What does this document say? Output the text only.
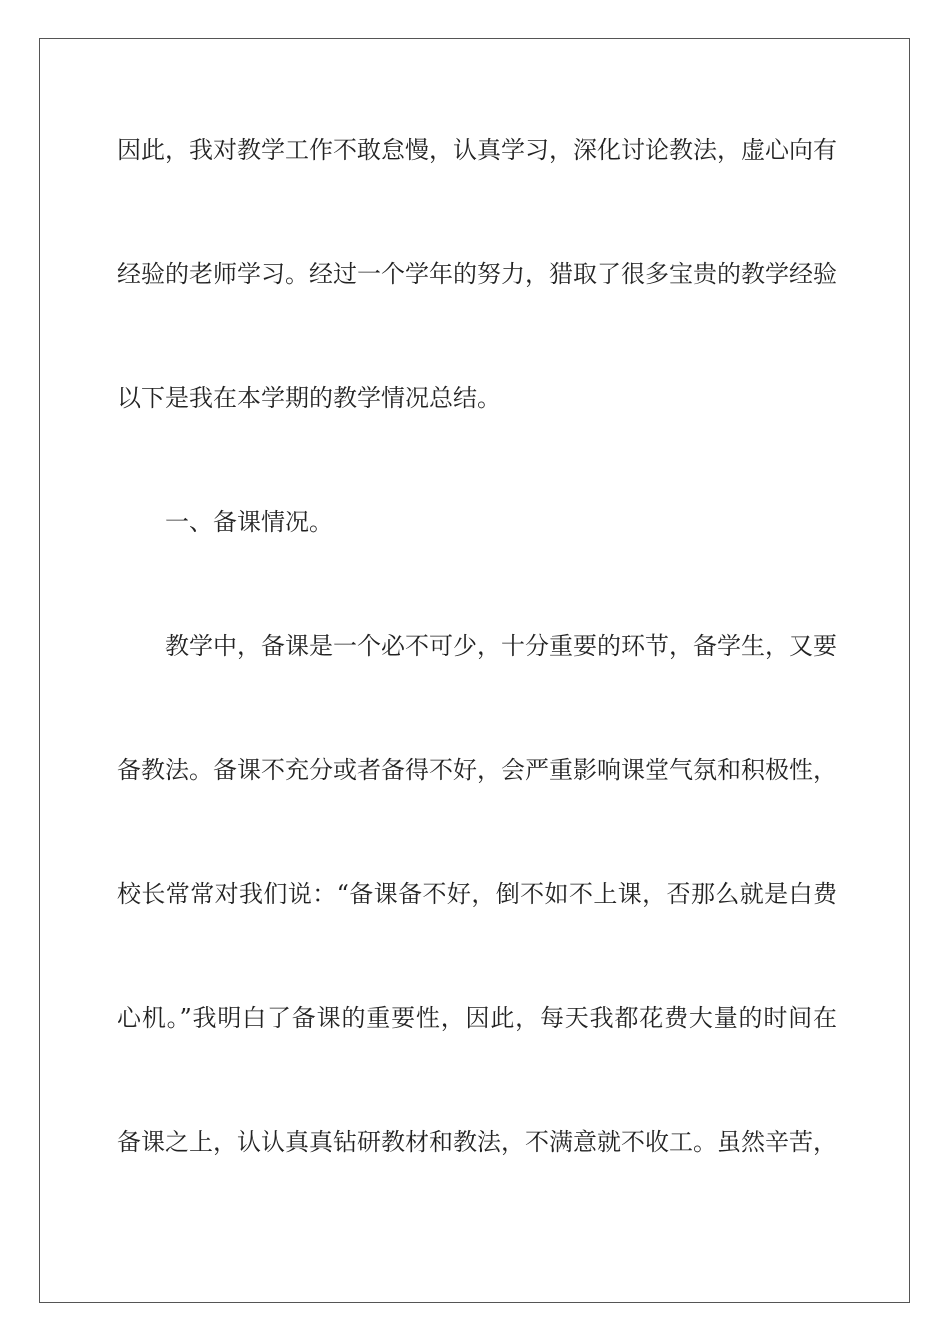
因此，我对教学工作不敢怠慢，认真学习，深化讨论教法，虚心向有
经验的老师学习。经过一个学年的努力，猎取了很多宝贵的教学经验
以下是我在本学期的教学情况总结。
一、备课情况。
教学中，备课是一个必不可少，十分重要的环节，备学生，又要
备教法。备课不充分或者备得不好，会严重影响课堂气氛和积极性，
校长常常对我们说：“备课备不好，倒不如不上课，否那么就是白费
心机。”我明白了备课的重要性，因此，每天我都花费大量的时间在
备课之上，认认真真钻研教材和教法，不满意就不收工。虽然辛苦，
